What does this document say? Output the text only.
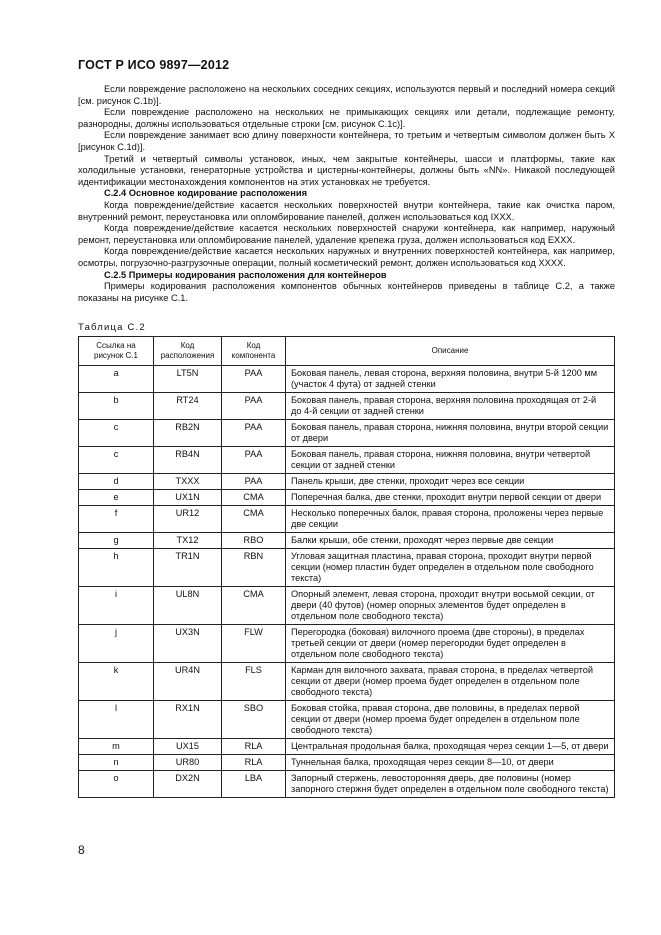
ГОСТ Р ИСО 9897—2012

Если повреждение расположено на нескольких соседних секциях, используются первый и последний номера секций [см. рисунок С.1b)].

Если повреждение расположено на нескольких не примыкающих секциях или детали, подлежащие ремонту, разнородны, должны использоваться отдельные строки [см. рисунок С.1с)].

Если повреждение занимает всю длину поверхности контейнера, то третьим и четвертым символом должен быть X [рисунок С.1d)].

Третий и четвертый символы установок, иных, чем закрытые контейнеры, шасси и платформы, такие как холодильные установки, генераторные устройства и цистерны-контейнеры, должны быть «NN». Никакой последующей идентификации местонахождения компонентов на этих установках не требуется.

С.2.4 Основное кодирование расположения

Когда повреждение/действие касается нескольких поверхностей внутри контейнера, такие как очистка паром, внутренний ремонт, переустановка или опломбирование панелей, должен использоваться код IXXX.

Когда повреждение/действие касается нескольких поверхностей снаружи контейнера, как например, наружный ремонт, переустановка или опломбирование панелей, удаление крепежа груза, должен использоваться код EXXX.

Когда повреждение/действие касается нескольких наружных и внутренних поверхностей контейнера, как например, осмотры, погрузочно-разгрузочные операции, полный косметический ремонт, должен использоваться код XXXX.

С.2.5 Примеры кодирования расположения для контейнеров

Примеры кодирования расположения компонентов обычных контейнеров приведены в таблице С.2, а также показаны на рисунке С.1.

Таблица С.2
Ссылка на рисунок С.1	Код расположения	Код компонента	Описание
a	LT5N	PAA	Боковая панель, левая сторона, верхняя половина, внутри 5-й 1200 мм (участок 4 фута) от задней стенки
b	RT24	PAA	Боковая панель, правая сторона, верхняя половина проходящая от 2-й до 4-й секции от задней стенки
c	RB2N	PAA	Боковая панель, правая сторона, нижняя половина, внутри второй секции от двери
c	RB4N	PAA	Боковая панель, правая сторона, нижняя половина, внутри четвертой секции от задней стенки
d	TXXX	PAA	Панель крыши, две стенки, проходит через все секции
e	UX1N	CMA	Поперечная балка, две стенки, проходит внутри первой секции от двери
f	UR12	CMA	Несколько поперечных балок, правая сторона, проложены через первые две секции
g	TX12	RBO	Балки крыши, обе стенки, проходят через первые две секции
h	TR1N	RBN	Угловая защитная пластина, правая сторона, проходит внутри первой секции (номер пластин будет определен в отдельном поле свободного текста)
i	UL8N	CMA	Опорный элемент, левая сторона, проходит внутри восьмой секции, от двери (40 футов) (номер опорных элементов будет определен в отдельном поле свободного текста)
j	UX3N	FLW	Перегородка (боковая) вилочного проема (две стороны), в пределах третьей секции от двери (номер перегородки будет определен в отдельном поле свободного текста)
k	UR4N	FLS	Карман для вилочного захвата, правая сторона, в пределах четвертой секции от двери (номер проема будет определен в отдельном поле свободного текста)
l	RX1N	SBO	Боковая стойка, правая сторона, две половины, в пределах первой секции от двери (номер проема будет определен в отдельном поле свободного текста)
m	UX15	RLA	Центральная продольная балка, проходящая через секции 1—5, от двери
n	UR80	RLA	Туннельная балка, проходящая через секции 8—10, от двери
o	DX2N	LBA	Запорный стержень, левосторонняя дверь, две половины (номер запорного стержня будет определен в отдельном поле свободного текста)
8
